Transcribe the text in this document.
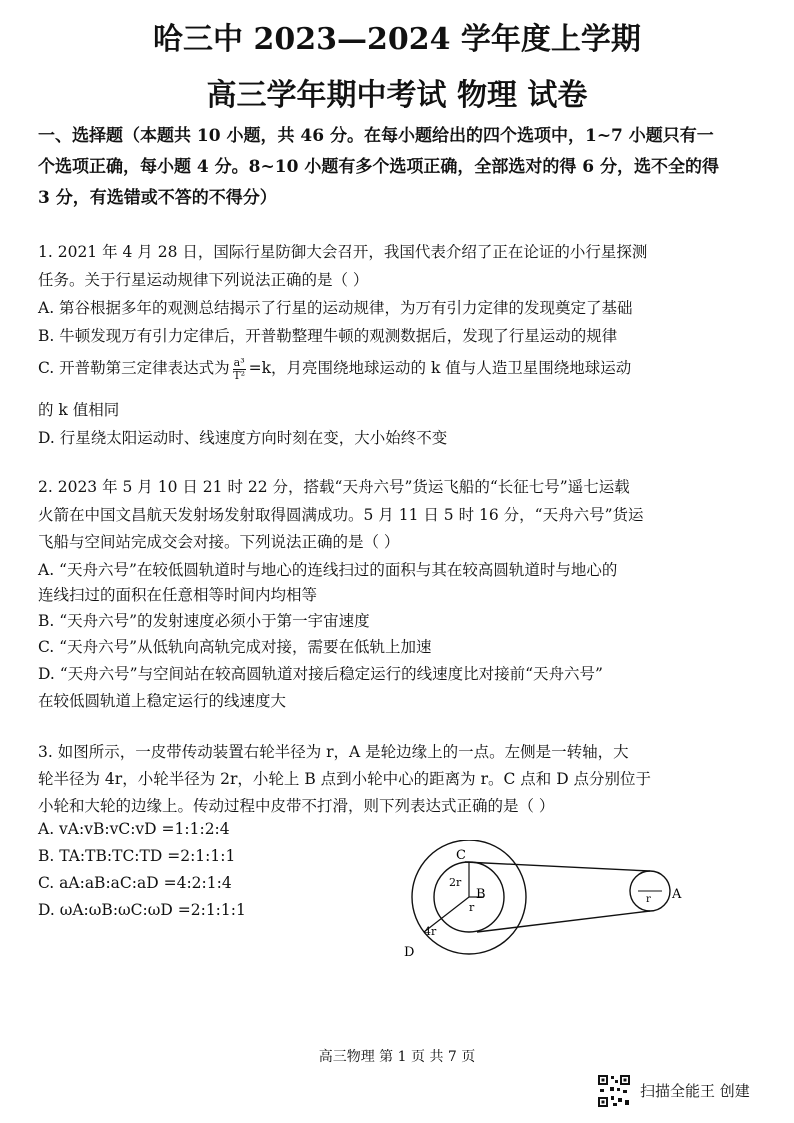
哈三中 2023—2024 学年度上学期
高三学年期中考试 物理 试卷
一、选择题（本题共 10 小题，共 46 分。在每小题给出的四个选项中，1~7 小题只有一
个选项正确，每小题 4 分。8~10 小题有多个选项正确，全部选对的得 6 分，选不全的得
3 分，有选错或不答的不得分）
1. 2021 年 4 月 28 日，国际行星防御大会召开，我国代表介绍了正在论证的小行星探测
任务。关于行星运动规律下列说法正确的是（ ）
A. 第谷根据多年的观测总结揭示了行星的运动规律，为万有引力定律的发现奠定了基础
B. 牛顿发现万有引力定律后，开普勒整理牛顿的观测数据后，发现了行星运动的规律
C. 开普勒第三定律表达式为 $\frac{\text{a³}}{\text{T²}} =k$，月亮围绕地球运动的 k 值与人造卫星围绕地球运动
的 k 值相同
D. 行星绕太阳运动时、线速度方向时刻在变，大小始终不变
2. 2023 年 5 月 10 日 21 时 22 分，搭载“天舟六号”货运飞船的“长征七号”遥七运载
火箭在中国文昌航天发射场发射取得圆满成功。5 月 11 日 5 时 16 分，“天舟六号”货运
飞船与空间站完成交会对接。下列说法正确的是（ ）
A. “天舟六号”在较低圆轨道时与地心的连线扫过的面积与其在较高圆轨道时与地心的
连线扫过的面积在任意相等时间内均相等
B. “天舟六号”的发射速度必须小于第一宇宙速度
C. “天舟六号”从低轨向高轨完成对接，需要在低轨上加速
D. “天舟六号”与空间站在较高圆轨道对接后稳定运行的线速度比对接前“天舟六号”
在较低圆轨道上稳定运行的线速度大
3. 如图所示，一皮带传动装置右轮半径为 r，A 是轮边缘上的一点。左侧是一转轴，大
轮半径为 4r，小轮半径为 2r，小轮上 B 点到小轮中心的距离为 r。C 点和 D 点分别位于
小轮和大轮的边缘上。传动过程中皮带不打滑，则下列表达式正确的是（ ）
A. vA:vB:vC:vD =1:1:2:4
B. TA:TB:TC:TD =2:1:1:1
C. aA:aB:aC:aD =4:2:1:4
D. ωA:ωB:ωC:ωD =2:1:1:1
C
B
D
A
2r
r
4r
r
高三物理 第 1 页 共 7 页
扫描全能王 创建
